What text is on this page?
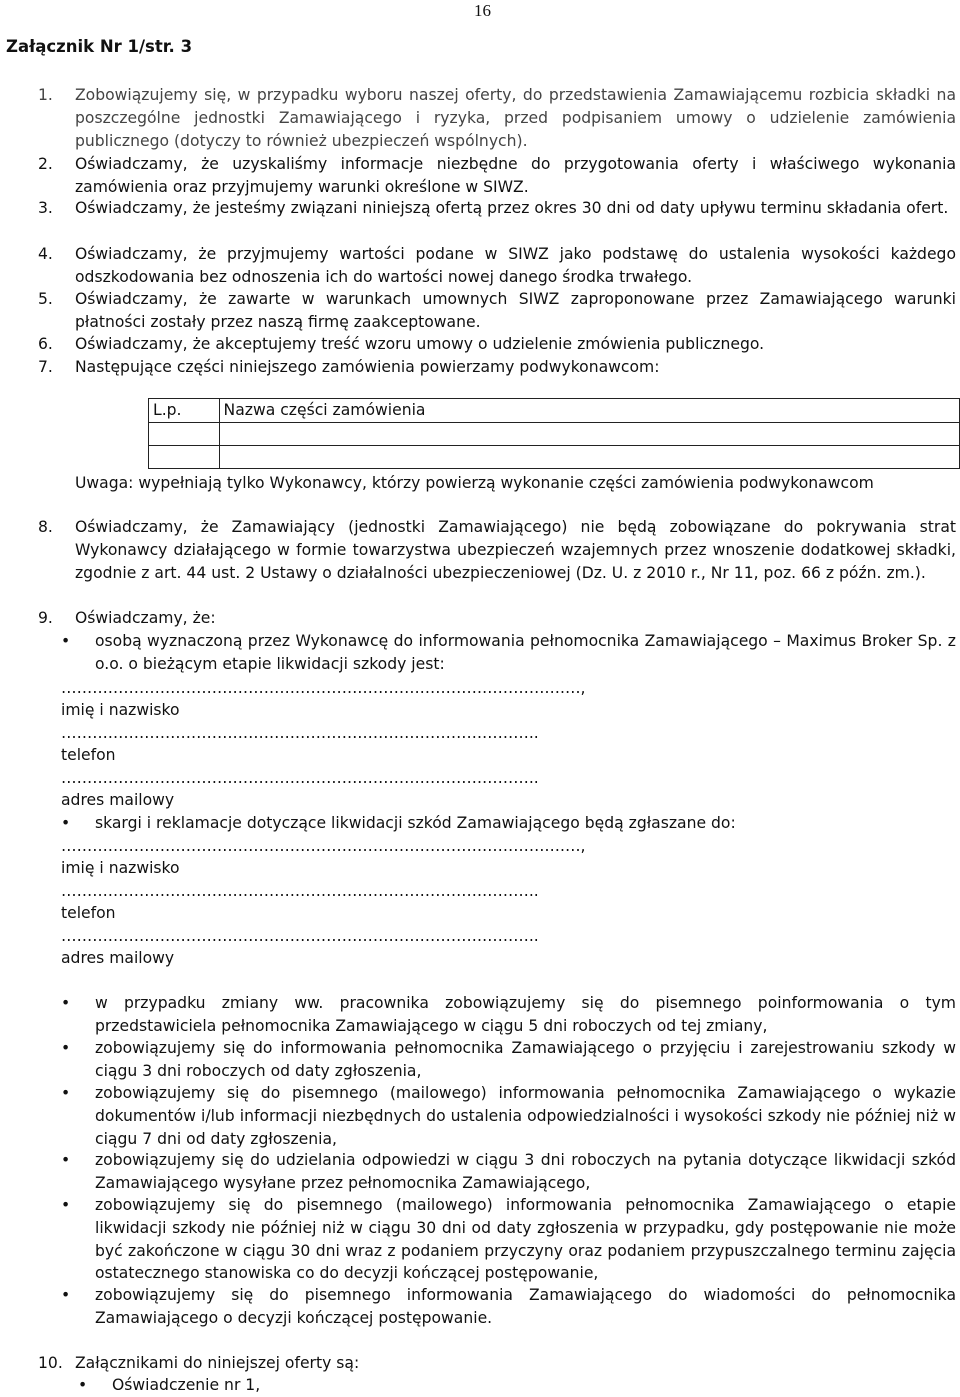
16
Załącznik Nr 1/str. 3
1. Zobowiązujemy się, w przypadku wyboru naszej oferty, do przedstawienia Zamawiającemu rozbicia składki na poszczególne jednostki Zamawiającego i ryzyka, przed podpisaniem umowy o udzielenie zamówienia publicznego (dotyczy to również ubezpieczeń wspólnych).
2. Oświadczamy, że uzyskaliśmy informacje niezbędne do przygotowania oferty i właściwego wykonania zamówienia oraz przyjmujemy warunki określone w SIWZ.
3. Oświadczamy, że jesteśmy związani niniejszą ofertą przez okres 30 dni od daty upływu terminu składania ofert.
4. Oświadczamy, że przyjmujemy wartości podane w SIWZ jako podstawę do ustalenia wysokości każdego odszkodowania bez odnoszenia ich do wartości nowej danego środka trwałego.
5. Oświadczamy, że zawarte w warunkach umownych SIWZ zaproponowane przez Zamawiającego warunki płatności zostały przez naszą firmę zaakceptowane.
6. Oświadczamy, że akceptujemy treść wzoru umowy o udzielenie zmówienia publicznego.
7. Następujące części niniejszego zamówienia powierzamy podwykonawcom:
L.p.	Nazwa części zamówienia

Uwaga: wypełniają tylko Wykonawcy, którzy powierzą wykonanie części zamówienia podwykonawcom
8. Oświadczamy, że Zamawiający (jednostki Zamawiającego) nie będą zobowiązane do pokrywania strat Wykonawcy działającego w formie towarzystwa ubezpieczeń wzajemnych przez wnoszenie dodatkowej składki, zgodnie z art. 44 ust. 2 Ustawy o działalności ubezpieczeniowej (Dz. U. z 2010 r., Nr 11, poz. 66 z późn. zm.).
9. Oświadczamy, że:
• osobą wyznaczoną przez Wykonawcę do informowania pełnomocnika Zamawiającego – Maximus Broker Sp. z o.o. o bieżącym etapie likwidacji szkody jest:
…………………………………………………………………………………….…,
imię i nazwisko
………………………………………………………………………………..
telefon
………………………………………………………………………………..
adres mailowy
• skargi i reklamacje dotyczące likwidacji szkód Zamawiającego będą zgłaszane do:
…………………………………………………………………………………….…,
imię i nazwisko
………………………………………………………………………………..
telefon
………………………………………………………………………………..
adres mailowy
• w przypadku zmiany ww. pracownika zobowiązujemy się do pisemnego poinformowania o tym przedstawiciela pełnomocnika Zamawiającego w ciągu 5 dni roboczych od tej zmiany,
• zobowiązujemy się do informowania pełnomocnika Zamawiającego o przyjęciu i zarejestrowaniu szkody w ciągu 3 dni roboczych od daty zgłoszenia,
• zobowiązujemy się do pisemnego (mailowego) informowania pełnomocnika Zamawiającego o wykazie dokumentów i/lub informacji niezbędnych do ustalenia odpowiedzialności i wysokości szkody nie później niż w ciągu 7 dni od daty zgłoszenia,
• zobowiązujemy się do udzielania odpowiedzi w ciągu 3 dni roboczych na pytania dotyczące likwidacji szkód Zamawiającego wysyłane przez pełnomocnika Zamawiającego,
• zobowiązujemy się do pisemnego (mailowego) informowania pełnomocnika Zamawiającego o etapie likwidacji szkody nie później niż w ciągu 30 dni od daty zgłoszenia w przypadku, gdy postępowanie nie może być zakończone w ciągu 30 dni wraz z podaniem przyczyny oraz podaniem przypuszczalnego terminu zajęcia ostatecznego stanowiska co do decyzji kończącej postępowanie,
• zobowiązujemy się do pisemnego informowania Zamawiającego do wiadomości do pełnomocnika Zamawiającego o decyzji kończącej postępowanie.
10. Załącznikami do niniejszej oferty są:
• Oświadczenie nr 1,
